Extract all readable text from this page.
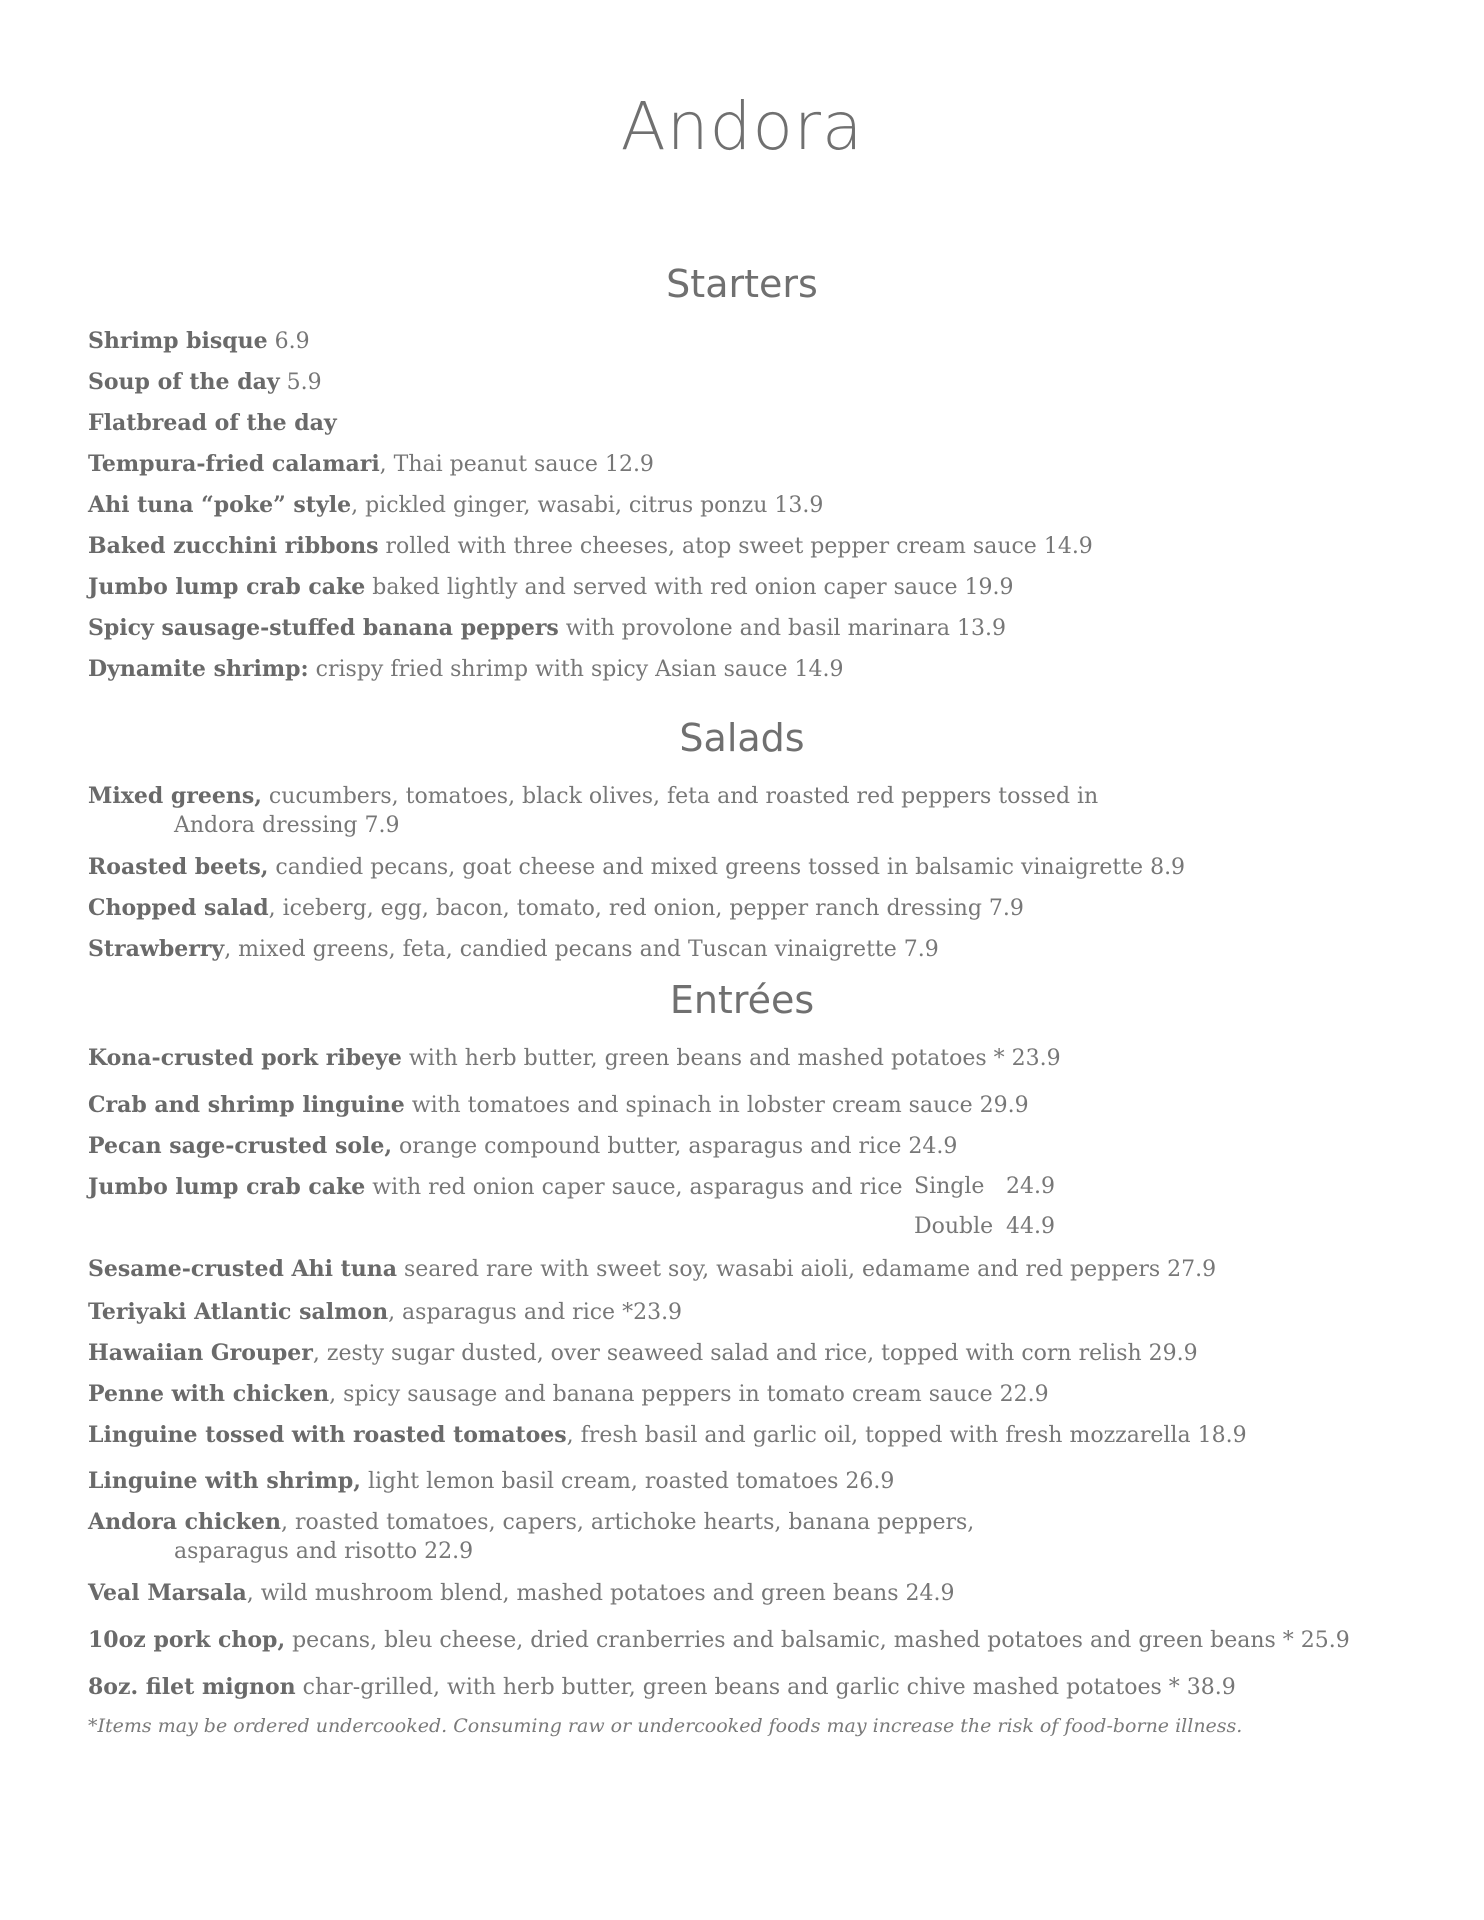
Andora
Starters
Shrimp bisque 6.9
Soup of the day 5.9
Flatbread of the day
Tempura-fried calamari, Thai peanut sauce 12.9
Ahi tuna “poke” style, pickled ginger, wasabi, citrus ponzu 13.9
Baked zucchini ribbons rolled with three cheeses, atop sweet pepper cream sauce 14.9
Jumbo lump crab cake baked lightly and served with red onion caper sauce 19.9
Spicy sausage-stuffed banana peppers with provolone and basil marinara 13.9
Dynamite shrimp: crispy fried shrimp with spicy Asian sauce 14.9
Salads
Mixed greens, cucumbers, tomatoes, black olives, feta and roasted red peppers tossed in
Andora dressing 7.9
Roasted beets, candied pecans, goat cheese and mixed greens tossed in balsamic vinaigrette 8.9
Chopped salad, iceberg, egg, bacon, tomato, red onion, pepper ranch dressing 7.9
Strawberry, mixed greens, feta, candied pecans and Tuscan vinaigrette 7.9
Entrées
Kona-crusted pork ribeye with herb butter, green beans and mashed potatoes * 23.9
Crab and shrimp linguine with tomatoes and spinach in lobster cream sauce 29.9
Pecan sage-crusted sole, orange compound butter, asparagus and rice 24.9
Jumbo lump crab cake with red onion caper sauce, asparagus and rice Single 24.9
Double 44.9
Sesame-crusted Ahi tuna seared rare with sweet soy, wasabi aioli, edamame and red peppers 27.9
Teriyaki Atlantic salmon, asparagus and rice *23.9
Hawaiian Grouper, zesty sugar dusted, over seaweed salad and rice, topped with corn relish 29.9
Penne with chicken, spicy sausage and banana peppers in tomato cream sauce 22.9
Linguine tossed with roasted tomatoes, fresh basil and garlic oil, topped with fresh mozzarella 18.9
Linguine with shrimp, light lemon basil cream, roasted tomatoes 26.9
Andora chicken, roasted tomatoes, capers, artichoke hearts, banana peppers,
asparagus and risotto 22.9
Veal Marsala, wild mushroom blend, mashed potatoes and green beans 24.9
10oz pork chop, pecans, bleu cheese, dried cranberries and balsamic, mashed potatoes and green beans * 25.9
8oz. filet mignon char-grilled, with herb butter, green beans and garlic chive mashed potatoes * 38.9
*Items may be ordered undercooked. Consuming raw or undercooked foods may increase the risk of food-borne illness.
